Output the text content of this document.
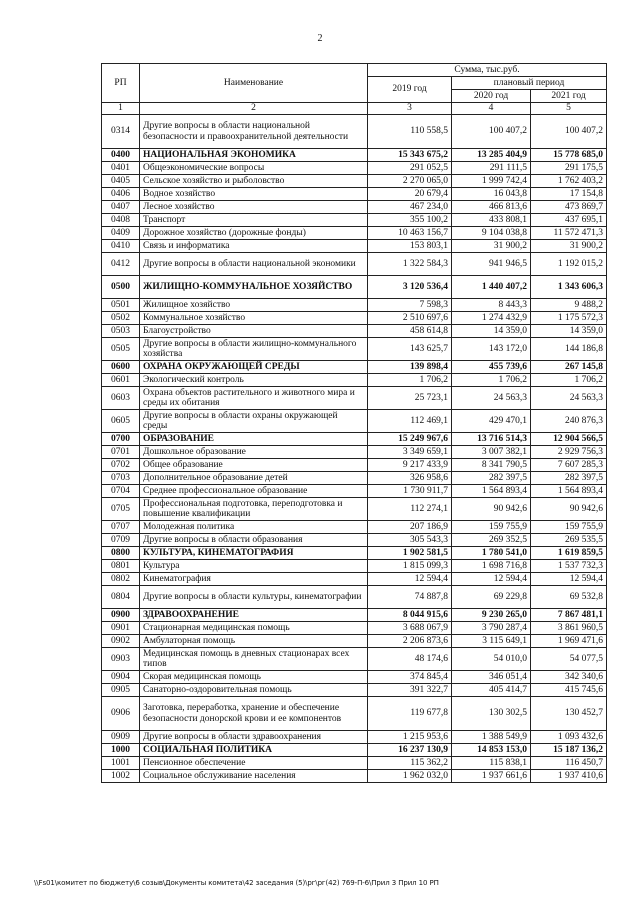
2
РП	Наименование	Сумма, тыс.руб.		
		2019 год	плановый период	
			2020 год	2021 год
1	2	3	4	5
0314	Другие вопросы в области национальной безопасности и правоохранительной деятельности	110 558,5	100 407,2	100 407,2
0400	НАЦИОНАЛЬНАЯ ЭКОНОМИКА	15 343 675,2	13 285 404,9	15 778 685,0
0401	Общеэкономические вопросы	291 052,5	291 111,5	291 175,5
0405	Сельское хозяйство и рыболовство	2 270 065,0	1 999 742,4	1 762 403,2
0406	Водное хозяйство	20 679,4	16 043,8	17 154,8
0407	Лесное хозяйство	467 234,0	466 813,6	473 869,7
0408	Транспорт	355 100,2	433 808,1	437 695,1
0409	Дорожное хозяйство (дорожные фонды)	10 463 156,7	9 104 038,8	11 572 471,3
0410	Связь и информатика	153 803,1	31 900,2	31 900,2
0412	Другие вопросы в области национальной экономики	1 322 584,3	941 946,5	1 192 015,2
0500	ЖИЛИЩНО-КОММУНАЛЬНОЕ ХОЗЯЙСТВО	3 120 536,4	1 440 407,2	1 343 606,3
0501	Жилищное хозяйство	7 598,3	8 443,3	9 488,2
0502	Коммунальное хозяйство	2 510 697,6	1 274 432,9	1 175 572,3
0503	Благоустройство	458 614,8	14 359,0	14 359,0
0505	Другие вопросы в области жилищно-коммунального хозяйства	143 625,7	143 172,0	144 186,8
0600	ОХРАНА ОКРУЖАЮЩЕЙ СРЕДЫ	139 898,4	455 739,6	267 145,8
0601	Экологический контроль	1 706,2	1 706,2	1 706,2
0603	Охрана объектов растительного и животного мира и среды их обитания	25 723,1	24 563,3	24 563,3
0605	Другие вопросы в области охраны окружающей среды	112 469,1	429 470,1	240 876,3
0700	ОБРАЗОВАНИЕ	15 249 967,6	13 716 514,3	12 904 566,5
0701	Дошкольное образование	3 349 659,1	3 007 382,1	2 929 756,3
0702	Общее образование	9 217 433,9	8 341 790,5	7 607 285,3
0703	Дополнительное образование детей	326 958,6	282 397,5	282 397,5
0704	Среднее профессиональное образование	1 730 911,7	1 564 893,4	1 564 893,4
0705	Профессиональная подготовка, переподготовка и повышение квалификации	112 274,1	90 942,6	90 942,6
0707	Молодежная политика	207 186,9	159 755,9	159 755,9
0709	Другие вопросы в области образования	305 543,3	269 352,5	269 535,5
0800	КУЛЬТУРА, КИНЕМАТОГРАФИЯ	1 902 581,5	1 780 541,0	1 619 859,5
0801	Культура	1 815 099,3	1 698 716,8	1 537 732,3
0802	Кинематография	12 594,4	12 594,4	12 594,4
0804	Другие вопросы в области культуры, кинематографии	74 887,8	69 229,8	69 532,8
0900	ЗДРАВООХРАНЕНИЕ	8 044 915,6	9 230 265,0	7 867 481,1
0901	Стационарная медицинская помощь	3 688 067,9	3 790 287,4	3 861 960,5
0902	Амбулаторная помощь	2 206 873,6	3 115 649,1	1 969 471,6
0903	Медицинская помощь в дневных стационарах всех типов	48 174,6	54 010,0	54 077,5
0904	Скорая медицинская помощь	374 845,4	346 051,4	342 340,6
0905	Санаторно-оздоровительная помощь	391 322,7	405 414,7	415 745,6
0906	Заготовка, переработка, хранение и обеспечение безопасности донорской крови и ее компонентов	119 677,8	130 302,5	130 452,7
0909	Другие вопросы в области здравоохранения	1 215 953,6	1 388 549,9	1 093 432,6
1000	СОЦИАЛЬНАЯ ПОЛИТИКА	16 237 130,9	14 853 153,0	15 187 136,2
1001	Пенсионное обеспечение	115 362,2	115 838,1	116 450,7
1002	Социальное обслуживание населения	1 962 032,0	1 937 661,6	1 937 410,6
\\Fs01\комитет по бюджету\6 созыв\Документы комитета\42 заседания (5)\рг\рг(42) 769-П-6\Прил 3 Прил 10 РП
